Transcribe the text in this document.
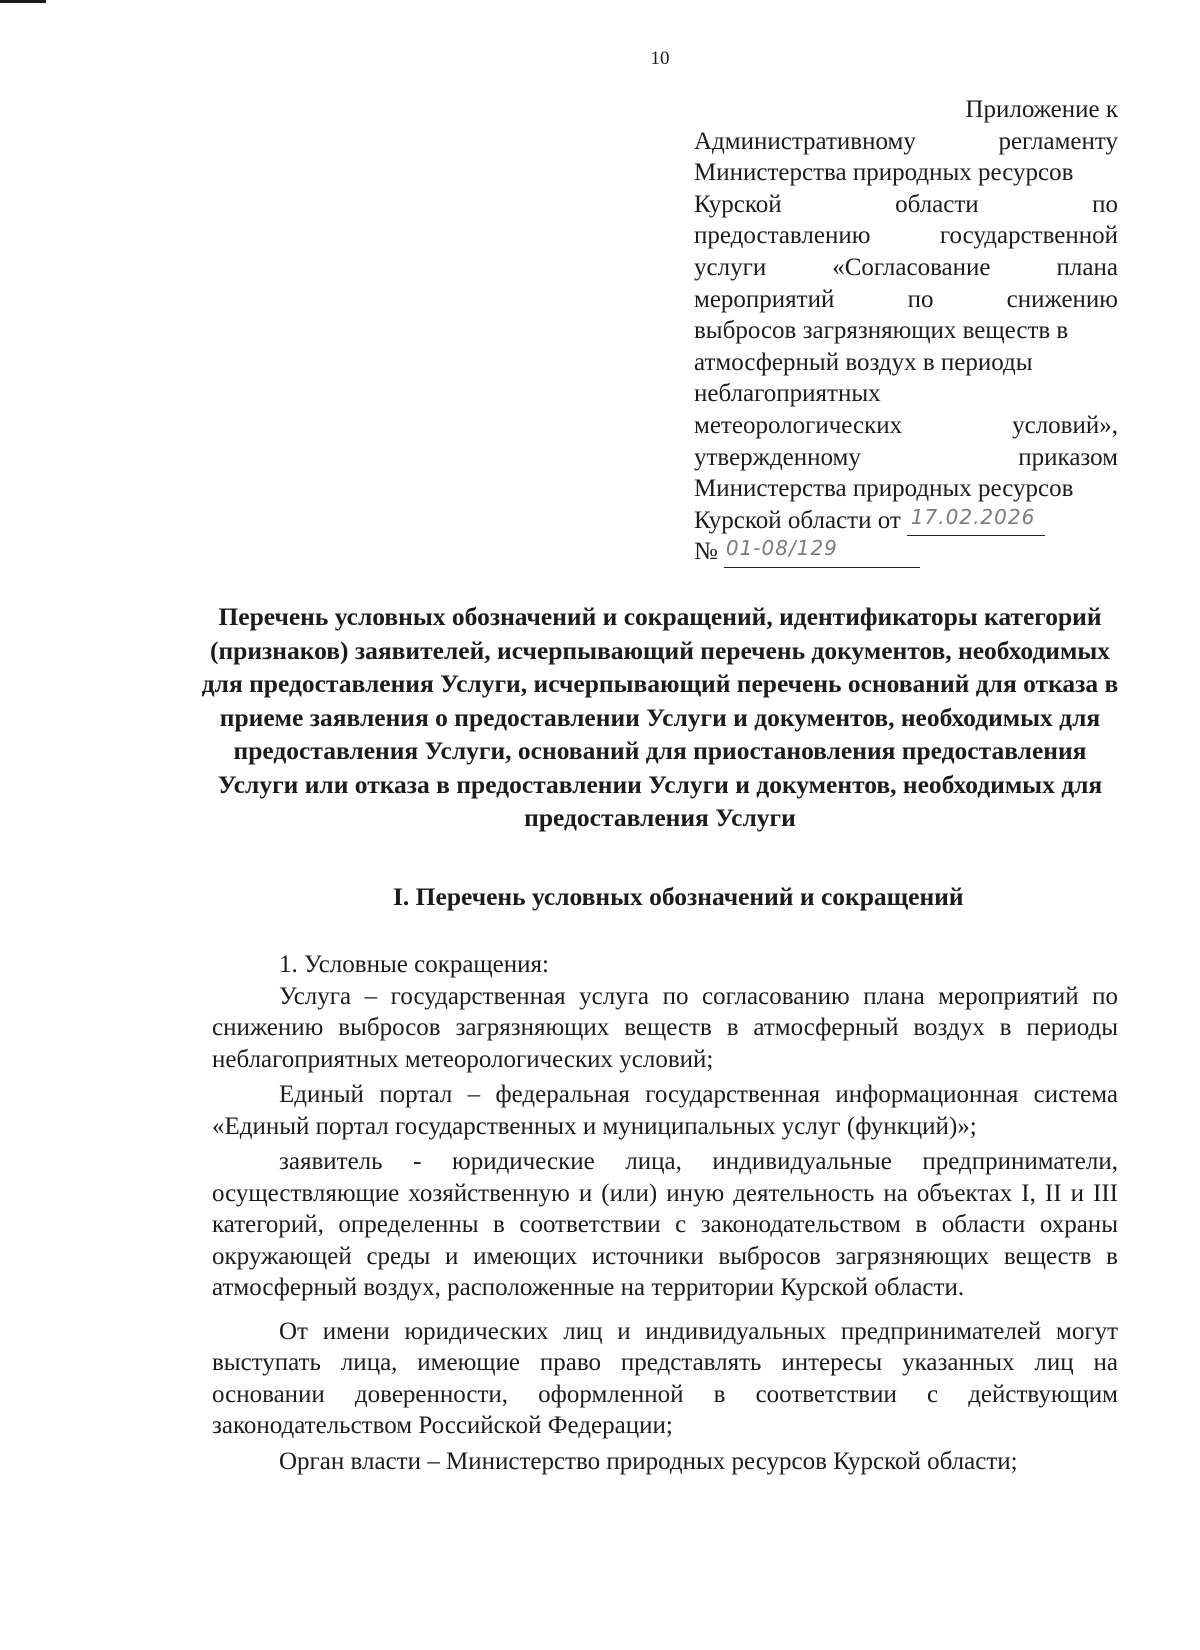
10
Приложение к
Административному	регламенту
Министерства природных ресурсов
Курской	области	по
предоставлению	государственной
услуги	«Согласование	плана
мероприятий	по	снижению
выбросов загрязняющих веществ в
атмосферный воздух в периоды
неблагоприятных
метеорологических	условий»,
утвержденному	приказом
Министерства природных ресурсов
Курской области от 17.02.2026
№ 01-08/129
Перечень условных обозначений и сокращений, идентификаторы категорий (признаков) заявителей, исчерпывающий перечень документов, необходимых для предоставления Услуги, исчерпывающий перечень оснований для отказа в приеме заявления о предоставлении Услуги и документов, необходимых для предоставления Услуги, оснований для приостановления предоставления Услуги или отказа в предоставлении Услуги и документов, необходимых для предоставления Услуги
I. Перечень условных обозначений и сокращений

1. Условные сокращения:

Услуга – государственная услуга по согласованию плана мероприятий по снижению выбросов загрязняющих веществ в атмосферный воздух в периоды неблагоприятных метеорологических условий;

Единый портал – федеральная государственная информационная система «Единый портал государственных и муниципальных услуг (функций)»;

заявитель - юридические лица, индивидуальные предприниматели, осуществляющие хозяйственную и (или) иную деятельность на объектах I, II и III категорий, определенны в соответствии с законодательством в области охраны окружающей среды и имеющих источники выбросов загрязняющих веществ в атмосферный воздух, расположенные на территории Курской области.

От имени юридических лиц и индивидуальных предпринимателей могут выступать лица, имеющие право представлять интересы указанных лиц на основании доверенности, оформленной в соответствии с действующим законодательством Российской Федерации;

Орган власти – Министерство природных ресурсов Курской области;
